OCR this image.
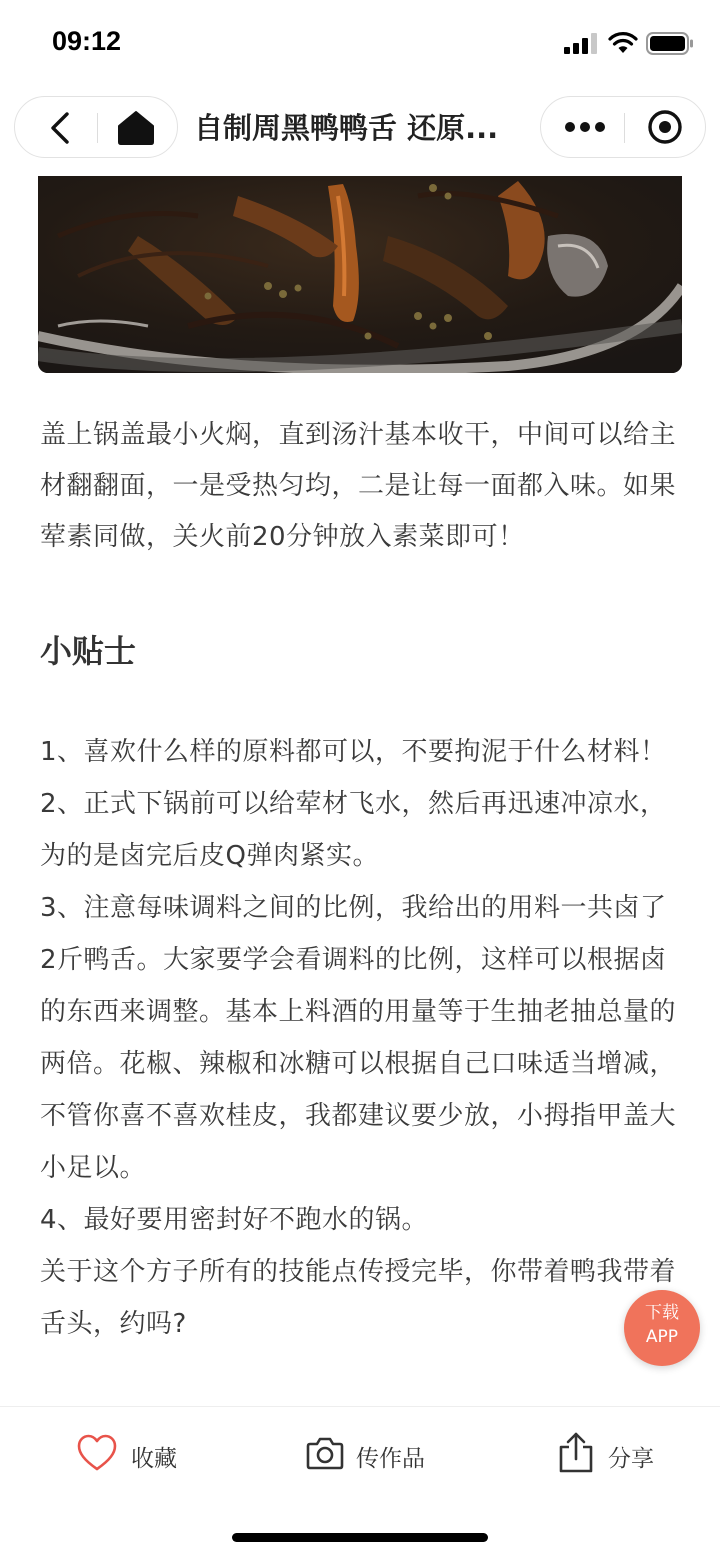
09:12
自制周黑鸭鸭舌 还原...
盖上锅盖最小火焖，直到汤汁基本收干，中间可以给主材翻翻面，一是受热匀均，二是让每一面都入味。如果荤素同做，关火前20分钟放入素菜即可！
小贴士

1、喜欢什么样的原料都可以，不要拘泥于什么材料！

2、正式下锅前可以给荤材飞水，然后再迅速冲凉水，为的是卤完后皮Q弹肉紧实。

3、注意每味调料之间的比例，我给出的用料一共卤了2斤鸭舌。大家要学会看调料的比例，这样可以根据卤的东西来调整。基本上料酒的用量等于生抽老抽总量的两倍。花椒、辣椒和冰糖可以根据自己口味适当增减，不管你喜不喜欢桂皮，我都建议要少放，小拇指甲盖大小足以。

4、最好要用密封好不跑水的锅。

关于这个方子所有的技能点传授完毕，你带着鸭我带着舌头，约吗?	下载
APP
收藏	传作品	分享
